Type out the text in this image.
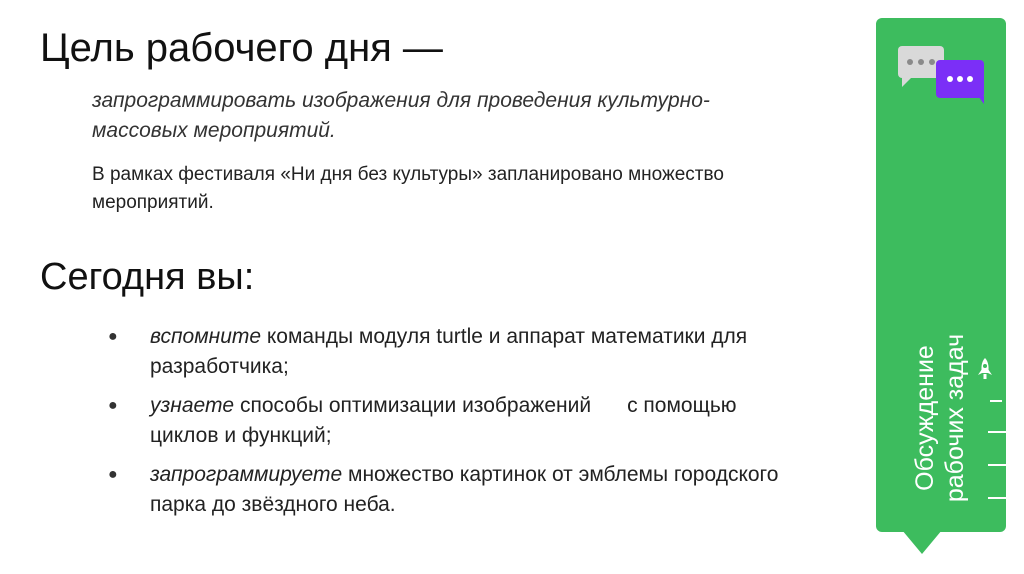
Цель рабочего дня —
запрограммировать изображения для проведения культурно-массовых мероприятий.
В рамках фестиваля «Ни дня без культуры» запланировано множество мероприятий.
Сегодня вы:
● вспомните команды модуля turtle и аппарат математики для разработчика;
● узнаете способы оптимизации изображений с помощью циклов и функций;
● запрограммируете множество картинок от эмблемы городского парка до звёздного неба.
Обсуждение рабочих задач
